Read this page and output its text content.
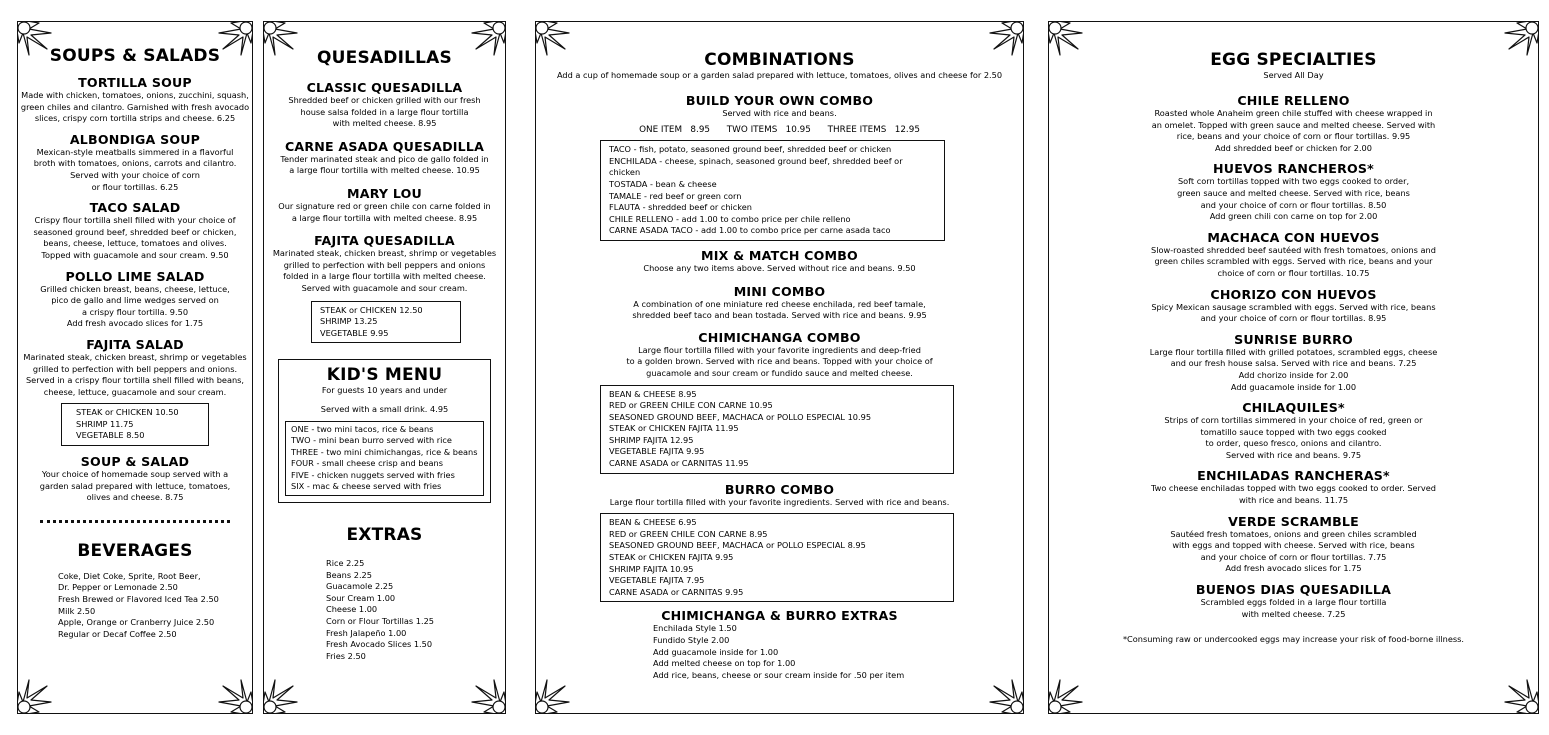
SOUPS & SALADS
TORTILLA SOUP
Made with chicken, tomatoes, onions, zucchini, squash,
green chiles and cilantro. Garnished with fresh avocado
slices, crispy corn tortilla strips and cheese. 6.25
ALBONDIGA SOUP
Mexican-style meatballs simmered in a flavorful
broth with tomatoes, onions, carrots and cilantro.
Served with your choice of corn
or flour tortillas. 6.25
TACO SALAD
Crispy flour tortilla shell filled with your choice of
seasoned ground beef, shredded beef or chicken,
beans, cheese, lettuce, tomatoes and olives.
Topped with guacamole and sour cream. 9.50
POLLO LIME SALAD
Grilled chicken breast, beans, cheese, lettuce,
pico de gallo and lime wedges served on
a crispy flour tortilla. 9.50
Add fresh avocado slices for 1.75
FAJITA SALAD
Marinated steak, chicken breast, shrimp or vegetables
grilled to perfection with bell peppers and onions.
Served in a crispy flour tortilla shell filled with beans,
cheese, lettuce, guacamole and sour cream.
STEAK or CHICKEN 10.50
SHRIMP 11.75
VEGETABLE 8.50
SOUP & SALAD
Your choice of homemade soup served with a
garden salad prepared with lettuce, tomatoes,
olives and cheese. 8.75
BEVERAGES
Coke, Diet Coke, Sprite, Root Beer,
Dr. Pepper or Lemonade 2.50
Fresh Brewed or Flavored Iced Tea 2.50
Milk 2.50
Apple, Orange or Cranberry Juice 2.50
Regular or Decaf Coffee 2.50
QUESADILLAS
CLASSIC QUESADILLA
Shredded beef or chicken grilled with our fresh
house salsa folded in a large flour tortilla
with melted cheese. 8.95
CARNE ASADA QUESADILLA
Tender marinated steak and pico de gallo folded in
a large flour tortilla with melted cheese. 10.95
MARY LOU
Our signature red or green chile con carne folded in
a large flour tortilla with melted cheese. 8.95
FAJITA QUESADILLA
Marinated steak, chicken breast, shrimp or vegetables
grilled to perfection with bell peppers and onions
folded in a large flour tortilla with melted cheese.
Served with guacamole and sour cream.
STEAK or CHICKEN 12.50
SHRIMP 13.25
VEGETABLE 9.95
KID'S MENU
For guests 10 years and under
Served with a small drink. 4.95
ONE - two mini tacos, rice & beans
TWO - mini bean burro served with rice
THREE - two mini chimichangas, rice & beans
FOUR - small cheese crisp and beans
FIVE - chicken nuggets served with fries
SIX - mac & cheese served with fries
EXTRAS
Rice 2.25
Beans 2.25
Guacamole 2.25
Sour Cream 1.00
Cheese 1.00
Corn or Flour Tortillas 1.25
Fresh Jalapeño 1.00
Fresh Avocado Slices 1.50
Fries 2.50
COMBINATIONS
Add a cup of homemade soup or a garden salad prepared with lettuce, tomatoes, olives and cheese for 2.50
BUILD YOUR OWN COMBO
Served with rice and beans.
ONE ITEM   8.95      TWO ITEMS   10.95      THREE ITEMS   12.95
TACO - fish, potato, seasoned ground beef, shredded beef or chicken
ENCHILADA - cheese, spinach, seasoned ground beef, shredded beef or chicken
TOSTADA - bean & cheese
TAMALE - red beef or green corn
FLAUTA - shredded beef or chicken
CHILE RELLENO - add 1.00 to combo price per chile relleno
CARNE ASADA TACO - add 1.00 to combo price per carne asada taco
MIX & MATCH COMBO
Choose any two items above. Served without rice and beans. 9.50
MINI COMBO
A combination of one miniature red cheese enchilada, red beef tamale,
shredded beef taco and bean tostada. Served with rice and beans. 9.95
CHIMICHANGA COMBO
Large flour tortilla filled with your favorite ingredients and deep-fried
to a golden brown. Served with rice and beans. Topped with your choice of
guacamole and sour cream or fundido sauce and melted cheese.
BEAN & CHEESE 8.95
RED or GREEN CHILE CON CARNE 10.95
SEASONED GROUND BEEF, MACHACA or POLLO ESPECIAL 10.95
STEAK or CHICKEN FAJITA 11.95
SHRIMP FAJITA 12.95
VEGETABLE FAJITA 9.95
CARNE ASADA or CARNITAS 11.95
BURRO COMBO
Large flour tortilla filled with your favorite ingredients. Served with rice and beans.
BEAN & CHEESE 6.95
RED or GREEN CHILE CON CARNE 8.95
SEASONED GROUND BEEF, MACHACA or POLLO ESPECIAL 8.95
STEAK or CHICKEN FAJITA 9.95
SHRIMP FAJITA 10.95
VEGETABLE FAJITA 7.95
CARNE ASADA or CARNITAS 9.95
CHIMICHANGA & BURRO EXTRAS
Enchilada Style 1.50
Fundido Style 2.00
Add guacamole inside for 1.00
Add melted cheese on top for 1.00
Add rice, beans, cheese or sour cream inside for .50 per item
EGG SPECIALTIES
Served All Day
CHILE RELLENO
Roasted whole Anaheim green chile stuffed with cheese wrapped in
an omelet. Topped with green sauce and melted cheese. Served with
rice, beans and your choice of corn or flour tortillas. 9.95
Add shredded beef or chicken for 2.00
HUEVOS RANCHEROS*
Soft corn tortillas topped with two eggs cooked to order,
green sauce and melted cheese. Served with rice, beans
and your choice of corn or flour tortillas. 8.50
Add green chili con carne on top for 2.00
MACHACA CON HUEVOS
Slow-roasted shredded beef sautéed with fresh tomatoes, onions and
green chiles scrambled with eggs. Served with rice, beans and your
choice of corn or flour tortillas. 10.75
CHORIZO CON HUEVOS
Spicy Mexican sausage scrambled with eggs. Served with rice, beans
and your choice of corn or flour tortillas. 8.95
SUNRISE BURRO
Large flour tortilla filled with grilled potatoes, scrambled eggs, cheese
and our fresh house salsa. Served with rice and beans. 7.25
Add chorizo inside for 2.00
Add guacamole inside for 1.00
CHILAQUILES*
Strips of corn tortillas simmered in your choice of red, green or
tomatillo sauce topped with two eggs cooked
to order, queso fresco, onions and cilantro.
Served with rice and beans. 9.75
ENCHILADAS RANCHERAS*
Two cheese enchiladas topped with two eggs cooked to order. Served
with rice and beans. 11.75
VERDE SCRAMBLE
Sautéed fresh tomatoes, onions and green chiles scrambled
with eggs and topped with cheese. Served with rice, beans
and your choice of corn or flour tortillas. 7.75
Add fresh avocado slices for 1.75
BUENOS DIAS QUESADILLA
Scrambled eggs folded in a large flour tortilla
with melted cheese. 7.25
*Consuming raw or undercooked eggs may increase your risk of food-borne illness.
